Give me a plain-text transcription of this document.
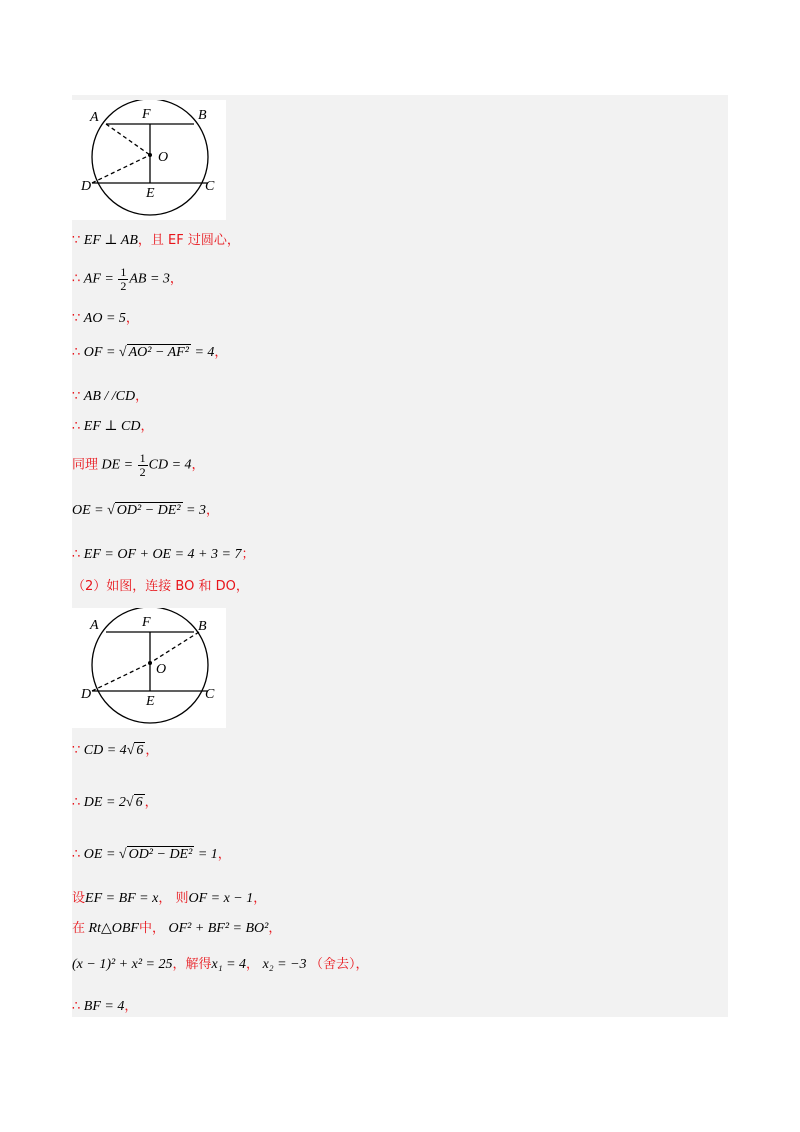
A	F	B
O
D	E	C
∵ EF ⊥ AB，且 EF 过圆心，
∴ AF = $\frac{1}{2}$ AB = 3，
∵ AO = 5，
∴ OF = √ AO² − AF² = 4，
∵ AB / /CD，
∴ EF ⊥ CD，
同理 DE = $\frac{1}{2}$ CD = 4，
OE = √ OD² − DE² = 3，
∴ EF = OF + OE = 4 + 3 = 7；
（2）如图，连接 BO 和 DO，
A	F	B
O
D	E	C
∵ CD = 4√ 6 ，
∴ DE = 2√ 6 ，
∴ OE = √ OD² − DE² = 1，
设EF = BF = x， 则OF = x − 1，
在 Rt△OBF中， OF² + BF² = BO²，
(x − 1)² + x² = 25，解得x₁ = 4， x₂ = −3 （舍去），
∴ BF = 4，
